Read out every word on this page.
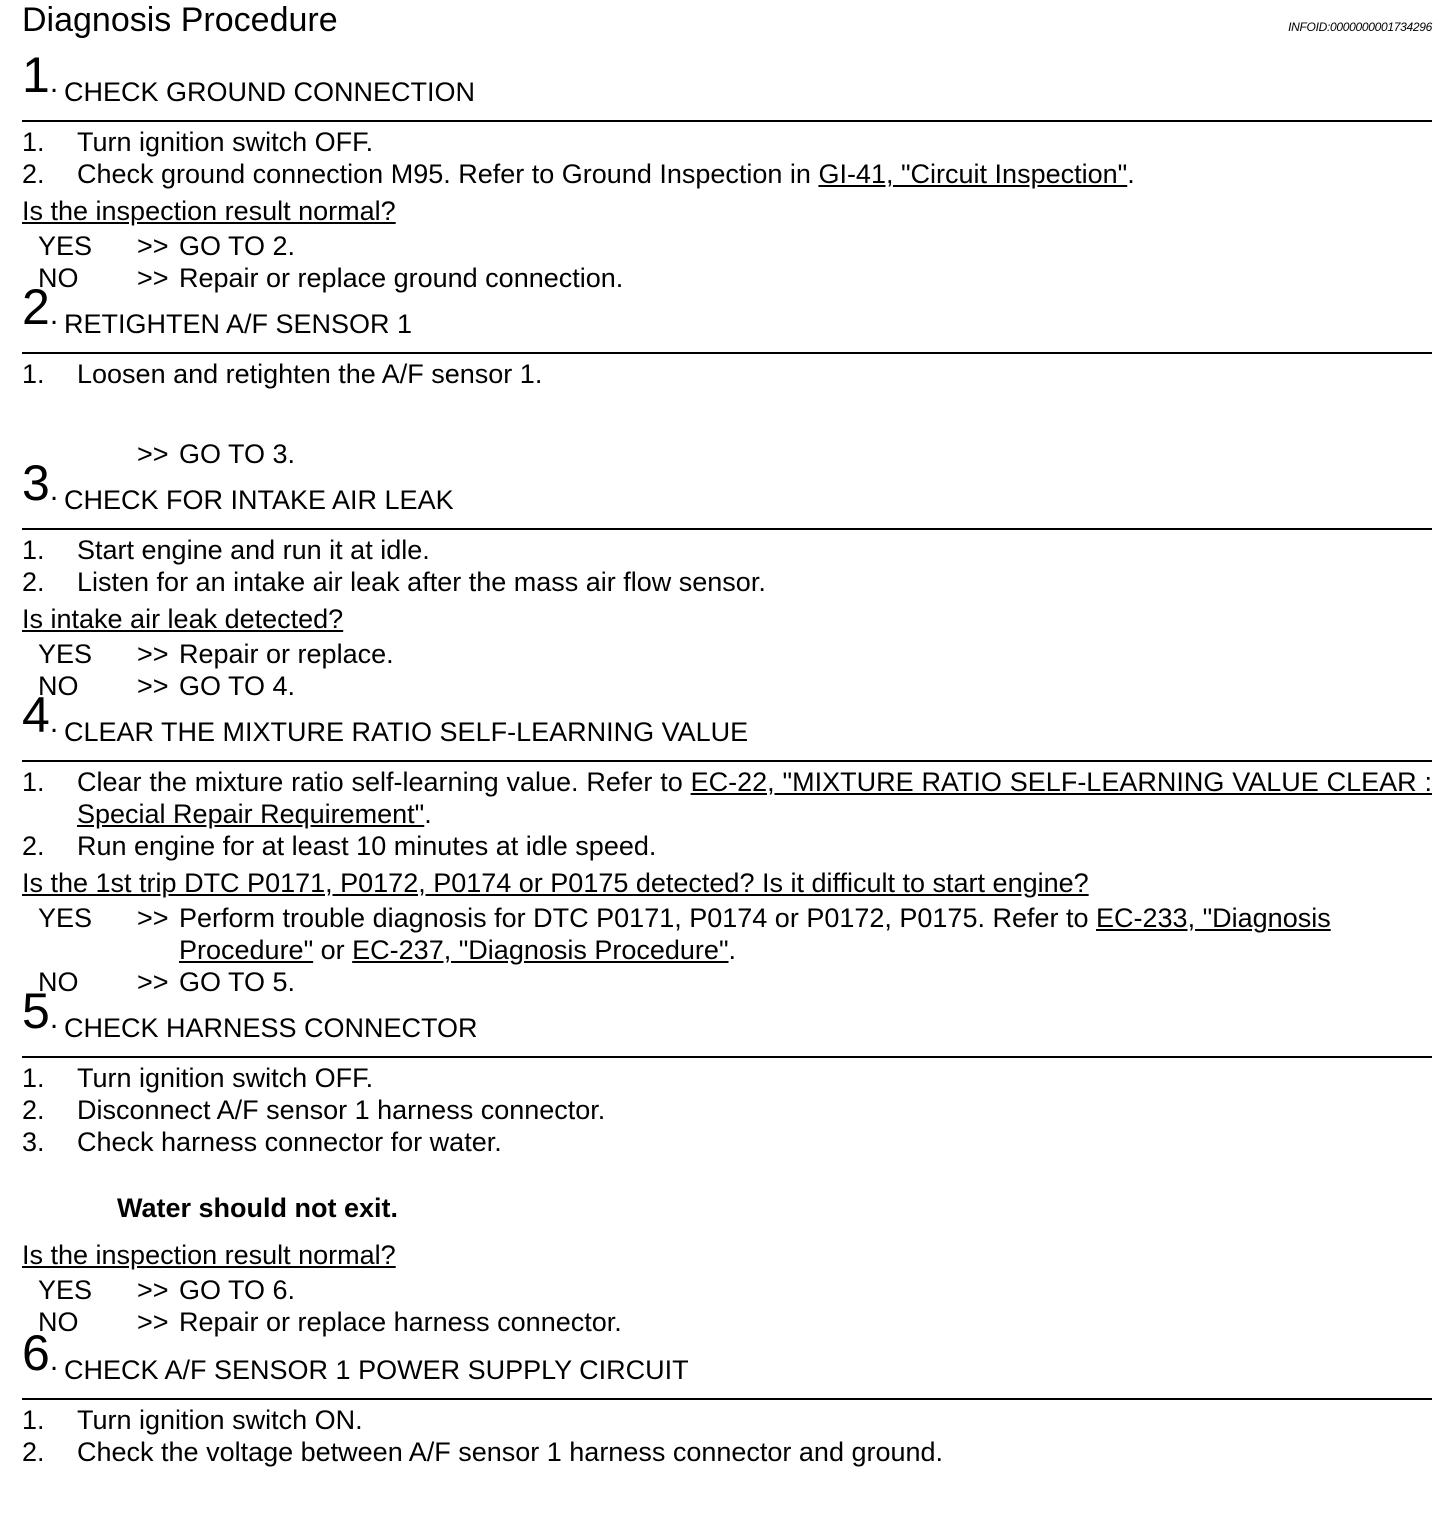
Diagnosis Procedure	INFOID:0000000001734296
1. CHECK GROUND CONNECTION
1.	Turn ignition switch OFF.
2.	Check ground connection M95. Refer to Ground Inspection in GI-41, "Circuit Inspection".
Is the inspection result normal?
YES >> GO TO 2.
NO >> Repair or replace ground connection.
2. RETIGHTEN A/F SENSOR 1
1.	Loosen and retighten the A/F sensor 1.
>> GO TO 3.
3. CHECK FOR INTAKE AIR LEAK
1.	Start engine and run it at idle.
2.	Listen for an intake air leak after the mass air flow sensor.
Is intake air leak detected?
YES >> Repair or replace.
NO >> GO TO 4.
4. CLEAR THE MIXTURE RATIO SELF-LEARNING VALUE
1.	Clear the mixture ratio self-learning value. Refer to EC-22, "MIXTURE RATIO SELF-LEARNING VALUE CLEAR : Special Repair Requirement".
2.	Run engine for at least 10 minutes at idle speed.
Is the 1st trip DTC P0171, P0172, P0174 or P0175 detected? Is it difficult to start engine?
YES >> Perform trouble diagnosis for DTC P0171, P0174 or P0172, P0175. Refer to EC-233, "Diagnosis Procedure" or EC-237, "Diagnosis Procedure".
NO >> GO TO 5.
5. CHECK HARNESS CONNECTOR
1.	Turn ignition switch OFF.
2.	Disconnect A/F sensor 1 harness connector.
3.	Check harness connector for water.
Water should not exit.
Is the inspection result normal?
YES >> GO TO 6.
NO >> Repair or replace harness connector.
6. CHECK A/F SENSOR 1 POWER SUPPLY CIRCUIT
1.	Turn ignition switch ON.
2.	Check the voltage between A/F sensor 1 harness connector and ground.
